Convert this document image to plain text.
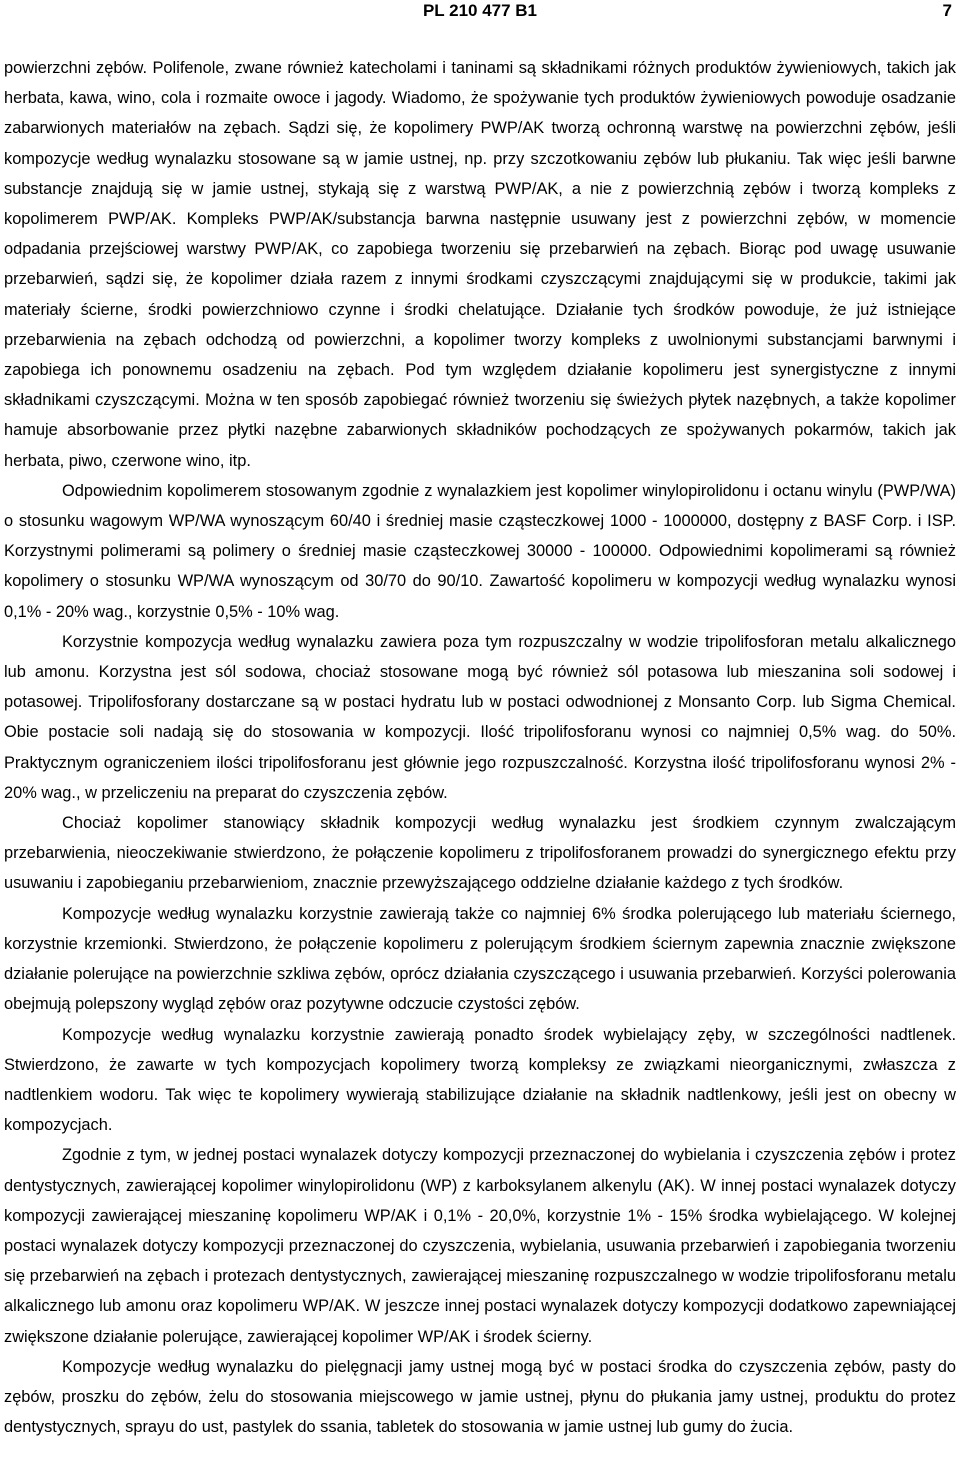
PL 210 477 B1	7

powierzchni zębów. Polifenole, zwane również katecholami i taninami są składnikami różnych produktów żywieniowych, takich jak herbata, kawa, wino, cola i rozmaite owoce i jagody. Wiadomo, że spożywanie tych produktów żywieniowych powoduje osadzanie zabarwionych materiałów na zębach. Sądzi się, że kopolimery PWP/AK tworzą ochronną warstwę na powierzchni zębów, jeśli kompozycje według wynalazku stosowane są w jamie ustnej, np. przy szczotkowaniu zębów lub płukaniu. Tak więc jeśli barwne substancje znajdują się w jamie ustnej, stykają się z warstwą PWP/AK, a nie z powierzchnią zębów i tworzą kompleks z kopolimerem PWP/AK. Kompleks PWP/AK/substancja barwna następnie usuwany jest z powierzchni zębów, w momencie odpadania przejściowej warstwy PWP/AK, co zapobiega tworzeniu się przebarwień na zębach. Biorąc pod uwagę usuwanie przebarwień, sądzi się, że kopolimer działa razem z innymi środkami czyszczącymi znajdującymi się w produkcie, takimi jak materiały ścierne, środki powierzchniowo czynne i środki chelatujące. Działanie tych środków powoduje, że już istniejące przebarwienia na zębach odchodzą od powierzchni, a kopolimer tworzy kompleks z uwolnionymi substancjami barwnymi i zapobiega ich ponownemu osadzeniu na zębach. Pod tym względem działanie kopolimeru jest synergistyczne z innymi składnikami czyszczącymi. Można w ten sposób zapobiegać również tworzeniu się świeżych płytek nazębnych, a także kopolimer hamuje absorbowanie przez płytki nazębne zabarwionych składników pochodzących ze spożywanych pokarmów, takich jak herbata, piwo, czerwone wino, itp.

Odpowiednim kopolimerem stosowanym zgodnie z wynalazkiem jest kopolimer winylopirolidonu i octanu winylu (PWP/WA) o stosunku wagowym WP/WA wynoszącym 60/40 i średniej masie cząsteczkowej 1000 - 1000000, dostępny z BASF Corp. i ISP. Korzystnymi polimerami są polimery o średniej masie cząsteczkowej 30000 - 100000. Odpowiednimi kopolimerami są również kopolimery o stosunku WP/WA wynoszącym od 30/70 do 90/10. Zawartość kopolimeru w kompozycji według wynalazku wynosi 0,1% - 20% wag., korzystnie 0,5% - 10% wag.

Korzystnie kompozycja według wynalazku zawiera poza tym rozpuszczalny w wodzie tripolifosforan metalu alkalicznego lub amonu. Korzystna jest sól sodowa, chociaż stosowane mogą być również sól potasowa lub mieszanina soli sodowej i potasowej. Tripolifosforany dostarczane są w postaci hydratu lub w postaci odwodnionej z Monsanto Corp. lub Sigma Chemical. Obie postacie soli nadają się do stosowania w kompozycji. Ilość tripolifosforanu wynosi co najmniej 0,5% wag. do 50%. Praktycznym ograniczeniem ilości tripolifosforanu jest głównie jego rozpuszczalność. Korzystna ilość tripolifosforanu wynosi 2% - 20% wag., w przeliczeniu na preparat do czyszczenia zębów.

Chociaż kopolimer stanowiący składnik kompozycji według wynalazku jest środkiem czynnym zwalczającym przebarwienia, nieoczekiwanie stwierdzono, że połączenie kopolimeru z tripolifosforanem prowadzi do synergicznego efektu przy usuwaniu i zapobieganiu przebarwieniom, znacznie przewyższającego oddzielne działanie każdego z tych środków.

Kompozycje według wynalazku korzystnie zawierają także co najmniej 6% środka polerującego lub materiału ściernego, korzystnie krzemionki. Stwierdzono, że połączenie kopolimeru z polerującym środkiem ściernym zapewnia znacznie zwiększone działanie polerujące na powierzchnie szkliwa zębów, oprócz działania czyszczącego i usuwania przebarwień. Korzyści polerowania obejmują polepszony wygląd zębów oraz pozytywne odczucie czystości zębów.

Kompozycje według wynalazku korzystnie zawierają ponadto środek wybielający zęby, w szczególności nadtlenek. Stwierdzono, że zawarte w tych kompozycjach kopolimery tworzą kompleksy ze związkami nieorganicznymi, zwłaszcza z nadtlenkiem wodoru. Tak więc te kopolimery wywierają stabilizujące działanie na składnik nadtlenkowy, jeśli jest on obecny w kompozycjach.

Zgodnie z tym, w jednej postaci wynalazek dotyczy kompozycji przeznaczonej do wybielania i czyszczenia zębów i protez dentystycznych, zawierającej kopolimer winylopirolidonu (WP) z karboksylanem alkenylu (AK). W innej postaci wynalazek dotyczy kompozycji zawierającej mieszaninę kopolimeru WP/AK i 0,1% - 20,0%, korzystnie 1% - 15% środka wybielającego. W kolejnej postaci wynalazek dotyczy kompozycji przeznaczonej do czyszczenia, wybielania, usuwania przebarwień i zapobiegania tworzeniu się przebarwień na zębach i protezach dentystycznych, zawierającej mieszaninę rozpuszczalnego w wodzie tripolifosforanu metalu alkalicznego lub amonu oraz kopolimeru WP/AK. W jeszcze innej postaci wynalazek dotyczy kompozycji dodatkowo zapewniającej zwiększone działanie polerujące, zawierającej kopolimer WP/AK i środek ścierny.

Kompozycje według wynalazku do pielęgnacji jamy ustnej mogą być w postaci środka do czyszczenia zębów, pasty do zębów, proszku do zębów, żelu do stosowania miejscowego w jamie ustnej, płynu do płukania jamy ustnej, produktu do protez dentystycznych, sprayu do ust, pastylek do ssania, tabletek do stosowania w jamie ustnej lub gumy do żucia.
